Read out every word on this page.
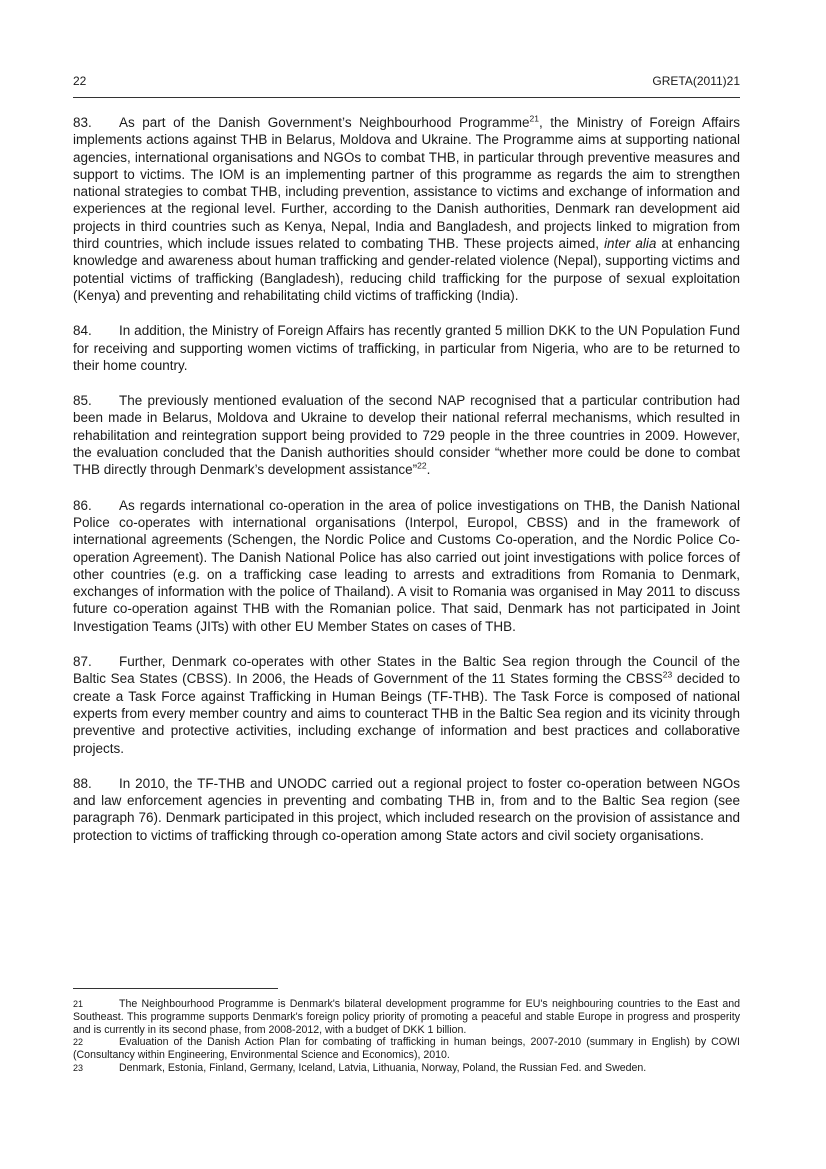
22	GRETA(2011)21

83. As part of the Danish Government’s Neighbourhood Programme$^{21}$, the Ministry of Foreign Affairs implements actions against THB in Belarus, Moldova and Ukraine. The Programme aims at supporting national agencies, international organisations and NGOs to combat THB, in particular through preventive measures and support to victims. The IOM is an implementing partner of this programme as regards the aim to strengthen national strategies to combat THB, including prevention, assistance to victims and exchange of information and experiences at the regional level. Further, according to the Danish authorities, Denmark ran development aid projects in third countries such as Kenya, Nepal, India and Bangladesh, and projects linked to migration from third countries, which include issues related to combating THB. These projects aimed, inter alia at enhancing knowledge and awareness about human trafficking and gender-related violence (Nepal), supporting victims and potential victims of trafficking (Bangladesh), reducing child trafficking for the purpose of sexual exploitation (Kenya) and preventing and rehabilitating child victims of trafficking (India).

84. In addition, the Ministry of Foreign Affairs has recently granted 5 million DKK to the UN Population Fund for receiving and supporting women victims of trafficking, in particular from Nigeria, who are to be returned to their home country.

85. The previously mentioned evaluation of the second NAP recognised that a particular contribution had been made in Belarus, Moldova and Ukraine to develop their national referral mechanisms, which resulted in rehabilitation and reintegration support being provided to 729 people in the three countries in 2009. However, the evaluation concluded that the Danish authorities should consider “whether more could be done to combat THB directly through Denmark’s development assistance”$^{22}$.

86. As regards international co-operation in the area of police investigations on THB, the Danish National Police co-operates with international organisations (Interpol, Europol, CBSS) and in the framework of international agreements (Schengen, the Nordic Police and Customs Co-operation, and the Nordic Police Co-operation Agreement). The Danish National Police has also carried out joint investigations with police forces of other countries (e.g. on a trafficking case leading to arrests and extraditions from Romania to Denmark, exchanges of information with the police of Thailand). A visit to Romania was organised in May 2011 to discuss future co-operation against THB with the Romanian police. That said, Denmark has not participated in Joint Investigation Teams (JITs) with other EU Member States on cases of THB.

87. Further, Denmark co-operates with other States in the Baltic Sea region through the Council of the Baltic Sea States (CBSS). In 2006, the Heads of Government of the 11 States forming the CBSS$^{23}$ decided to create a Task Force against Trafficking in Human Beings (TF-THB). The Task Force is composed of national experts from every member country and aims to counteract THB in the Baltic Sea region and its vicinity through preventive and protective activities, including exchange of information and best practices and collaborative projects.

88. In 2010, the TF-THB and UNODC carried out a regional project to foster co-operation between NGOs and law enforcement agencies in preventing and combating THB in, from and to the Baltic Sea region (see paragraph 76). Denmark participated in this project, which included research on the provision of assistance and protection to victims of trafficking through co-operation among State actors and civil society organisations.

21	The Neighbourhood Programme is Denmark's bilateral development programme for EU's neighbouring countries to the East and Southeast. This programme supports Denmark's foreign policy priority of promoting a peaceful and stable Europe in progress and prosperity and is currently in its second phase, from 2008-2012, with a budget of DKK 1 billion.

22	Evaluation of the Danish Action Plan for combating of trafficking in human beings, 2007-2010 (summary in English) by COWI (Consultancy within Engineering, Environmental Science and Economics), 2010.

23	Denmark, Estonia, Finland, Germany, Iceland, Latvia, Lithuania, Norway, Poland, the Russian Fed. and Sweden.
